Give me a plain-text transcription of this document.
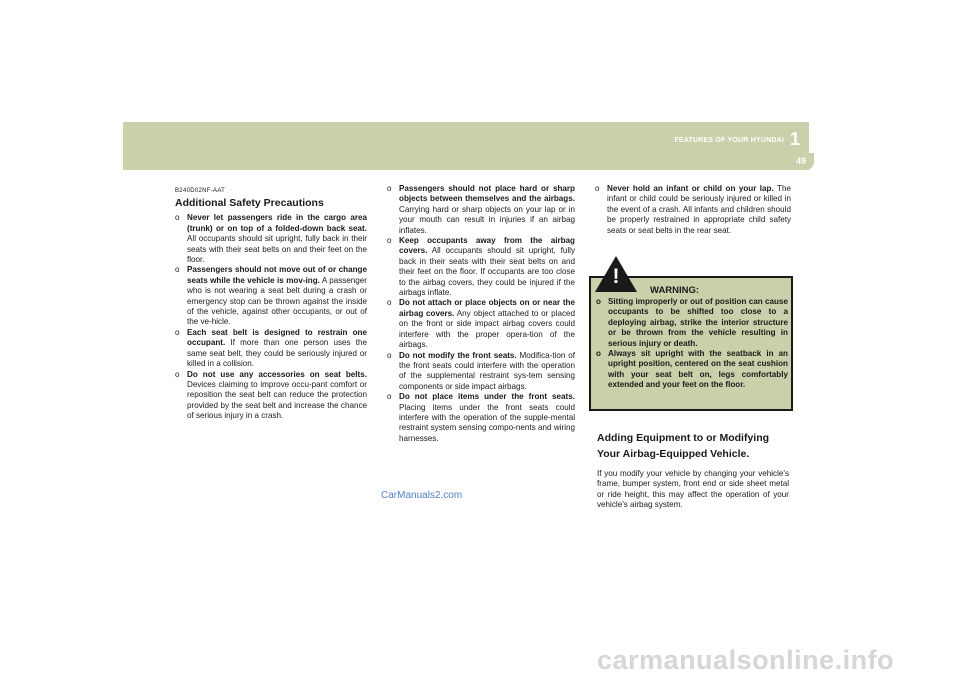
FEATURES OF YOUR HYUNDAI 1
49
B240D02NF-AAT
Additional Safety Precautions

o Never let passengers ride in the cargo area (trunk) or on top of a folded-down back seat. All occupants should sit upright, fully back in their seats with their seat belts on and their feet on the floor.

o Passengers should not move out of or change seats while the vehicle is mov-ing. A passenger who is not wearing a seat belt during a crash or emergency stop can be thrown against the inside of the vehicle, against other occupants, or out of the ve-hicle.

o Each seat belt is designed to restrain one occupant. If more than one person uses the same seat belt, they could be seriously injured or killed in a collision.

o Do not use any accessories on seat belts. Devices claiming to improve occu-pant comfort or reposition the seat belt can reduce the protection provided by the seat belt and increase the chance of serious injury in a crash.

o Passengers should not place hard or sharp objects between themselves and the airbags. Carrying hard or sharp objects on your lap or in your mouth can result in injuries if an airbag inflates.

o Keep occupants away from the airbag covers. All occupants should sit upright, fully back in their seats with their seat belts on and their feet on the floor. If occupants are too close to the airbag covers, they could be injured if the airbags inflate.

o Do not attach or place objects on or near the airbag covers. Any object attached to or placed on the front or side impact airbag covers could interfere with the proper opera-tion of the airbags.

o Do not modify the front seats. Modifica-tion of the front seats could interfere with the operation of the supplemental restraint sys-tem sensing components or side impact airbags.

o Do not place items under the front seats. Placing items under the front seats could interfere with the operation of the supple-mental restraint system sensing compo-nents and wiring harnesses.

o Never hold an infant or child on your lap. The infant or child could be seriously injured or killed in the event of a crash. All infants and children should be properly restrained in appropriate child safety seats or seat belts in the rear seat.

!
WARNING:

o Sitting improperly or out of position can cause occupants to be shifted too close to a deploying airbag, strike the interior structure or be thrown from the vehicle resulting in serious injury or death.

o Always sit upright with the seatback in an upright position, centered on the seat cushion with your seat belt on, legs comfortably extended and your feet on the floor.

Adding Equipment to or Modifying Your Airbag-Equipped Vehicle.

If you modify your vehicle by changing your vehicle's frame, bumper system, front end or side sheet metal or ride height, this may affect the operation of your vehicle's airbag system.

CarManuals2.com
carmanualsonline.info
